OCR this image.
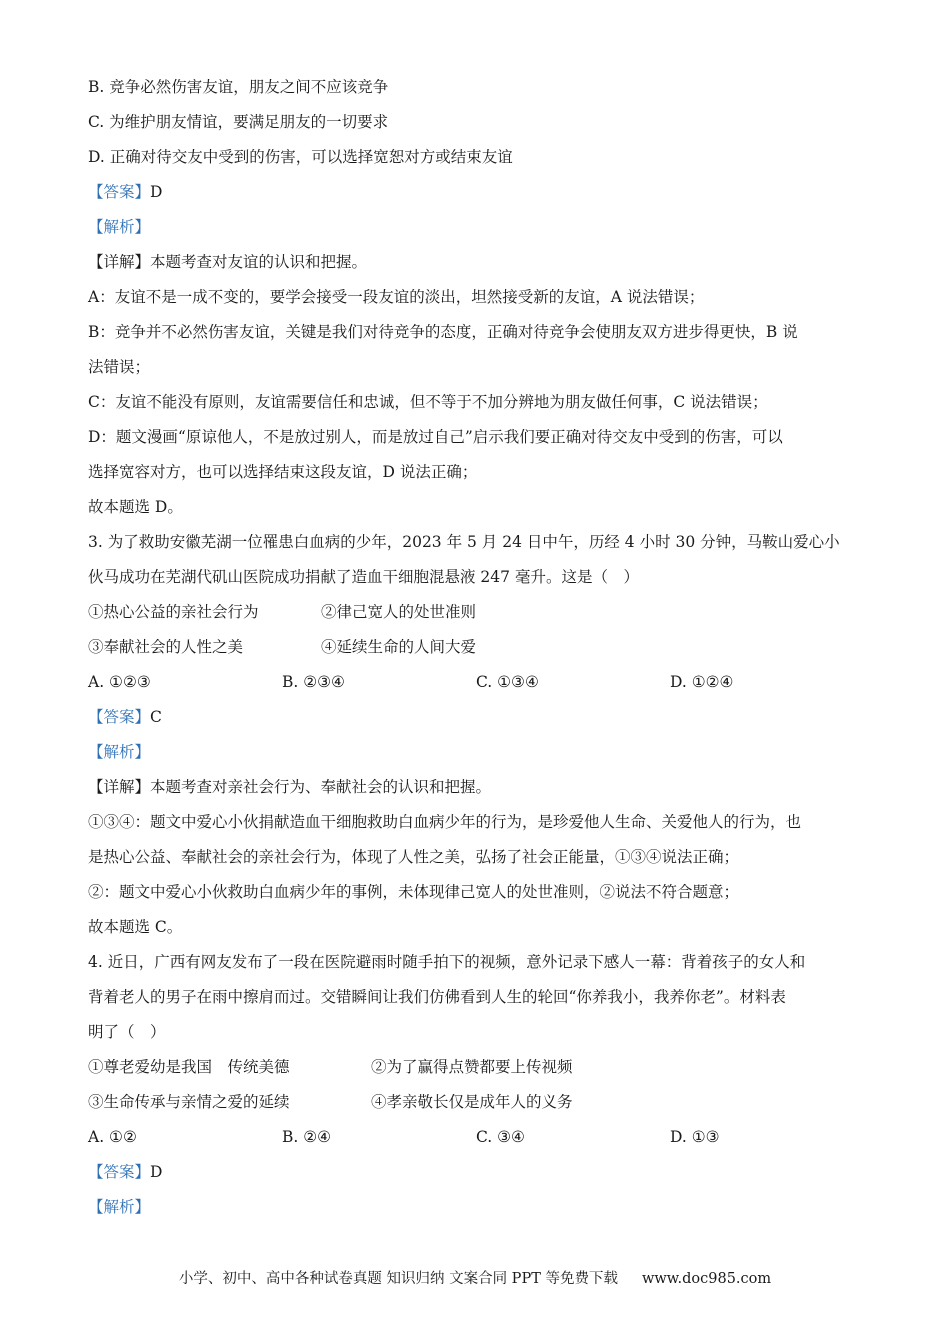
B. 竞争必然伤害友谊，朋友之间不应该竞争
C. 为维护朋友情谊，要满足朋友的一切要求
D. 正确对待交友中受到的伤害，可以选择宽恕对方或结束友谊
【答案】D
【解析】
【详解】本题考查对友谊的认识和把握。
A：友谊不是一成不变的，要学会接受一段友谊的淡出，坦然接受新的友谊，A 说法错误；
B：竞争并不必然伤害友谊，关键是我们对待竞争的态度，正确对待竞争会使朋友双方进步得更快，B 说
法错误；
C：友谊不能没有原则，友谊需要信任和忠诚，但不等于不加分辨地为朋友做任何事，C 说法错误；
D：题文漫画“原谅他人，不是放过别人，而是放过自己”启示我们要正确对待交友中受到的伤害，可以
选择宽容对方，也可以选择结束这段友谊，D 说法正确；
故本题选 D。
3. 为了救助安徽芜湖一位罹患白血病的少年，2023 年 5 月 24 日中午，历经 4 小时 30 分钟，马鞍山爱心小
伙马成功在芜湖代矶山医院成功捐献了造血干细胞混悬液 247 毫升。这是（　）
①热心公益的亲社会行为	②律己宽人的处世准则
③奉献社会的人性之美	④延续生命的人间大爱
A. ①②③	B. ②③④	C. ①③④	D. ①②④
【答案】C
【解析】
【详解】本题考查对亲社会行为、奉献社会的认识和把握。
①③④：题文中爱心小伙捐献造血干细胞救助白血病少年的行为，是珍爱他人生命、关爱他人的行为，也
是热心公益、奉献社会的亲社会行为，体现了人性之美，弘扬了社会正能量，①③④说法正确；
②：题文中爱心小伙救助白血病少年的事例，未体现律己宽人的处世准则，②说法不符合题意；
故本题选 C。
4. 近日，广西有网友发布了一段在医院避雨时随手拍下的视频，意外记录下感人一幕：背着孩子的女人和
背着老人的男子在雨中擦肩而过。交错瞬间让我们仿佛看到人生的轮回“你养我小，我养你老”。材料表
明了（　）
①尊老爱幼是我国　传统美德	②为了赢得点赞都要上传视频
③生命传承与亲情之爱的延续	④孝亲敬长仅是成年人的义务
A. ①②	B. ②④	C. ③④	D. ①③
【答案】D
【解析】
小学、初中、高中各种试卷真题 知识归纳 文案合同 PPT 等免费下载 www.doc985.com
